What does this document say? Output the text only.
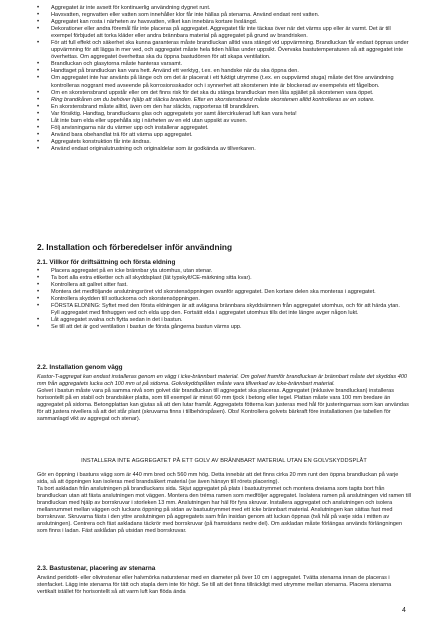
• Aggregatet är inte avsett för kontinuerlig användning dygnet runt.
• Havsvatten, regnvatten eller vatten som innehåller klor får inte hällas på stenarna. Använd endast rent vatten.
• Aggregatet kan rosta i närheten av havsvatten, vilket kan innebära kortare livslängd.
• Dekorationer eller andra föremål får inte placeras på aggregatet. Aggregatet får inte täckas över när det värms upp eller är varmt. Det är till exempel förbjudet att torka kläder eller andra brännbara material på aggregatet på grund av brandrisken.
• För att full effekt och säkerhet ska kunna garanteras måste brandluckan alltid vara stängd vid uppvärmning. Brandluckan får endast öppnas under uppvärmning för att lägga in mer ved, och aggregatet måste hela tiden hållas under uppsikt. Övervaka bastutemperaturen så att aggregatet inte överhettas. Om aggregatet överhettas ska du öppna bastudörren för att skapa ventilation.
• Brandluckan och glasytorna måste hanteras varsamt.
• Handtaget på brandluckan kan vara hett. Använd ett verktyg, t.ex. en handske när du ska öppna den.
• Om aggregatet inte har använts på länge och om det är placerat i ett fuktigt utrymme (t.ex. en ouppvärmd stuga) måste det före användning kontrolleras noggrant med avseende på korrosionsskador och i synnerhet att skorstenen inte är blockerad av exempelvis ett fågelbon.
• Om en skorstensbrand uppstår eller om det finns risk för det ska du stänga brandluckan men låta spjället på skorstenen vara öppet.
• Ring brandkåren om du behöver hjälp att släcka branden. Efter en skorstensbrand måste skorstenen alltid kontrolleras av en sotare.
• En skorstensbrand måste alltid, även om den har släckts, rapporteras till brandkåren.
• Var försiktig. Handtag, brandluckans glas och aggregatets yor samt återcirkulerad luft kan vara heta!
• Låt inte barn elda eller uppehålla sig i närheten av en eld utan uppsikt av vuxen.
• Följ anvisningarna när du värmer upp och installerar aggregatet.
• Använd bara obehandlat trä för att värma upp aggregatet.
• Aggregatets konstruktion får inte ändras.
• Använd endast originalutrustning och originaldelar som är godkända av tillverkaren.
2. Installation och förberedelser inför användning
2.1. Villkor för driftsättning och första eldning
• Placera aggregatet på en icke brännbar yta utomhus, utan stenar.
• Ta bort alla extra etiketter och all skyddsplast (lät typskylt/CE-märkning sitta kvar).
• Kontrollera att gallret sitter fast.
• Montera det medföljande anslutningsröret vid skorstensöppningen ovanför aggregatet. Den kortare delen ska monteras i aggregatet.
• Kontrollera skydden till sotluckorna och skorstensöppningen.
• FÖRSTA ELDNING: Syftet med den första eldningen är att avlägsna brännbara skyddsämnen från aggregatet utomhus, och för att härda ytan. Fyll aggregatet med finhuggen ved och elda upp den. Fortsätt elda i aggregatet utomhus tills det inte längre avger någon lukt.
• Låt aggregatet svalna och flytta sedan in det i bastun.
• Se till att det är god ventilation i bastun de första gångerna bastun värms upp.
2.2. Installation genom vägg
Kastor-T-aggregat kan endast installeras genom en vägg i icke-brännbart material. Om golvet framför brandluckan är brännbart måste det skyddas 400 mm från aggregatets lucka och 100 mm ut på sidorna. Golvskyddsplåten måste vara tillverkad av icke-brännbart material.
Golvet i bastun måste vara på samma nivå som golvet där brandluckan till aggregatet ska placeras. Aggregatet (inklusive brandluckan) installeras horisontellt på en stabil och brandsäker platta, som till exempel är minst 60 mm tjock i betong eller tegel. Plattan måste vara 100 mm bredare än aggregatet på sidorna. Betongplattan kan gjutas så att den lutar framåt. Aggregatets fötterna kan justeras med hål för justeringarnas som kan användas för att justera nivellera så att det står plant (skruvarna finns i tillbehörspåsen). Obs! Kontrollera golvets bärkraft före installationen (se tabellen för sammanlagd vikt av aggregat och stenar).
INSTALLERA INTE AGGREGATET PÅ ETT GOLV AV BRÄNNBART MATERIAL UTAN EN GOLVSKYDDSPLÅT
Gör en öppning i bastuns vägg som är 440 mm bred och 560 mm hög. Detta innebär att det finns cirka 20 mm runt den öppna brandluckan på varje sida, så att öppningen kan isoleras med brandsäkert material (se även hänsyn till rörets placering).
Ta bort askladan från anslutningen på brandluckans sida. Skjut aggregatet på plats i bastuutrymmet och montera dreiarna som tagits bort från brandluckan utan att fästa anslutningen mot väggen. Montera den tréma ramen som medföljer aggregatet. Isolatera ramen på anslutningen vid ramen till brandluckan med hjälp av borrskruvar i storleken 13 mm. Anslutningen har häl för fyra skruvar. Installera aggregatet och anslutningen och isolera mellanrummet mellan väggen och luckans öppning på sidan av bastuutrymmet med ett icke brännbart material. Anslutningen kan sättas fast med borrskruvar. Skruvarna fästs i den yttre anslutningen på aggregatets sam från insidan genom att luckan öppnas (två hål på varje sida i mitten av anslutningen). Centrera och fäst askladans täckrör med borrskruvar (på framsidans nedre del). Om askladan måste förlängas används förlängningen som finns i ladan. Fäst asklådan på utsidan med borrskruvar.
2.3. Bastustenar, placering av stenarna
Använd peridotit- eller olivinstenar eller halvmörka naturstenar med en diameter på över 10 cm i aggregatet. Tvätta stenarna innan de placeras i stenfacket. Lägg inte stenarna för tätt och stapla dem inte för högt. Se till att det finns tillräckligt med utrymme mellan stenarna. Placera stenarna vertikalt istället för horisontellt så att varm luft kan flöda ända
4
